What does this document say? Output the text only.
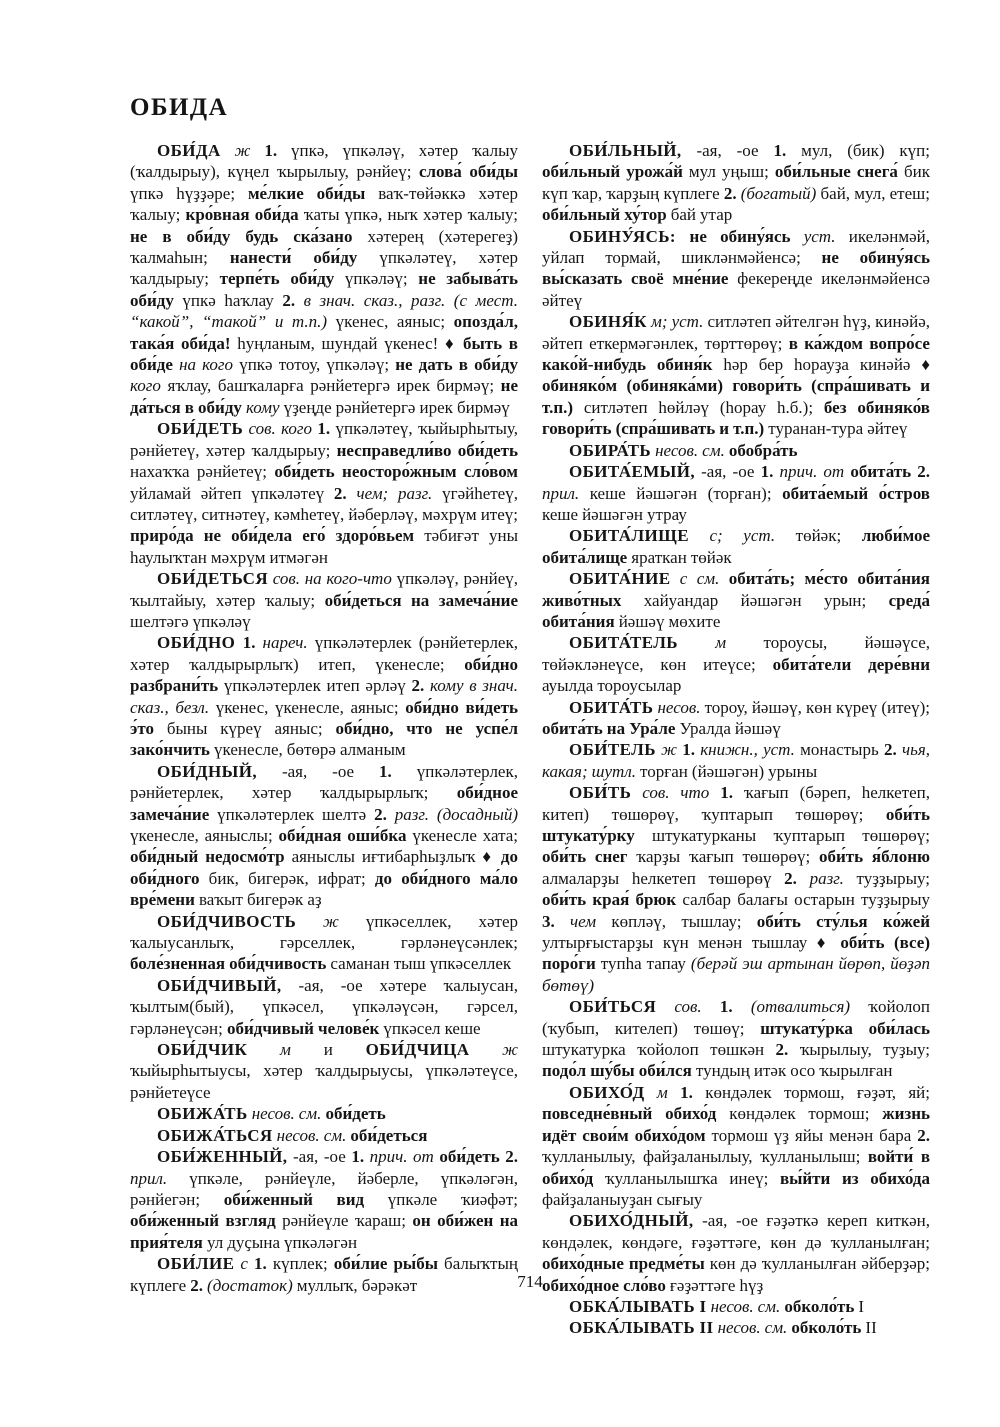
ОБИДА

ОБИ́ДА ж 1. үпкә, үпкәләү, хәтер ҡалыу (ҡалдырыу), күңел ҡырылыу, рәнйеү; слова́ оби́ды үпкә һүҙҙәре; ме́лкие оби́ды ваҡ-төйәккә хәтер ҡалыу; кро́вная оби́да ҡаты үпкә, ныҡ хәтер ҡалыу; не в оби́ду будь ска́зано хәтерең (хәтерегеҙ) ҡалмаһын; нанести́ оби́ду үпкәләтеү, хәтер ҡалдырыу; терпе́ть оби́ду үпкәләү; не забыва́ть оби́ду үпкә һаҡлау 2. в знач. сказ., разг. (с мест. “какой”, “такой” и т.п.) үкенес, аяныс; опозда́л, така́я оби́да! һуңланым, шундай үкенес! ♦ быть в оби́де на кого үпкә тотоу, үпкәләү; не дать в оби́ду кого яҡлау, башҡаларға рәнйетергә ирек бирмәү; не да́ться в оби́ду кому үҙеңде рәнйетергә ирек бирмәү

ОБИ́ДЕТЬ сов. кого 1. үпкәләтеү, ҡыйырһытыу, рәнйетеү, хәтер ҡалдырыу; несправедли́во оби́деть нахаҡҡа рәнйетеү; оби́деть неосторо́жным сло́вом уйламай әйтеп үпкәләтеү 2. чем; разг. үгәйһетеү, ситләтеү, ситнәтеү, кәмһетеү, йәберләү, мәхрүм итеү; приро́да не оби́дела его́ здоро́вьем тәбиғәт уны һаулыҡтан мәхрүм итмәгән

ОБИ́ДЕТЬСЯ сов. на кого-что үпкәләү, рәнйеү, ҡылтайыу, хәтер ҡалыу; оби́деться на замеча́ние шелтәгә үпкәләү

ОБИ́ДНО 1. нареч. үпкәләтерлек (рәнйетерлек, хәтер ҡалдырырлыҡ) итеп, үкенесле; оби́дно разбрани́ть үпкәләтерлек итеп әрләү 2. кому в знач. сказ., безл. үкенес, үкенесле, аяныс; оби́дно ви́деть э́то быны күреү аяныс; оби́дно, что не успе́л зако́нчить үкенесле, бөтөрә алманым

ОБИ́ДНЫЙ, -ая, -ое 1. үпкәләтерлек, рәнйетерлек, хәтер ҡалдырырлыҡ; оби́дное замеча́ние үпкәләтерлек шелтә 2. разг. (досадный) үкенесле, аяныслы; оби́дная оши́бка үкенесле хата; оби́дный недосмо́тр аяныслы иғтибарһыҙлыҡ ♦ до оби́дного бик, бигерәк, ифрат; до оби́дного ма́ло вре́мени ваҡыт бигерәк аҙ

ОБИ́ДЧИВОСТЬ ж үпкәселлек, хәтер ҡалыусанлыҡ, гәрселлек, гәрләнеүсәнлек; боле́зненная оби́дчивость саманан тыш үпкәселлек

ОБИ́ДЧИВЫЙ, -ая, -ое хәтере ҡалыусан, ҡылтым(бый), үпкәсел, үпкәләүсән, гәрсел, гәрләнеүсән; оби́дчивый челове́к үпкәсел кеше

ОБИ́ДЧИК м и ОБИ́ДЧИЦА ж ҡыйырһытыусы, хәтер ҡалдырыусы, үпкәләтеүсе, рәнйетеүсе

ОБИЖА́ТЬ несов. см. оби́деть

ОБИЖА́ТЬСЯ несов. см. оби́деться

ОБИ́ЖЕННЫЙ, -ая, -ое 1. прич. от оби́деть 2. прил. үпкәле, рәнйеүле, йәберле, үпкәләгән, рәнйегән; оби́женный вид үпкәле ҡиәфәт; оби́женный взгляд рәнйеүле ҡараш; он оби́жен на прия́теля ул дуҫына үпкәләгән

ОБИ́ЛИЕ с 1. күплек; оби́лие ры́бы балыҡтың күплеге 2. (достаток) муллыҡ, бәрәкәт

ОБИ́ЛЬНЫЙ, -ая, -ое 1. мул, (бик) күп; оби́льный урожа́й мул уңыш; оби́льные снега́ бик күп ҡар, ҡарҙың күплеге 2. (богатый) бай, мул, етеш; оби́льный ху́тор бай утар

ОБИНУ́ЯСЬ: не обину́ясь уст. икеләнмәй, уйлап тормай, шикләнмәйенсә; не обину́ясь вы́сказать своё мне́ние фекереңде икеләнмәйенсә әйтеү

ОБИНЯ́К м; уст. ситләтеп әйтелгән һүҙ, кинәйә, әйтеп еткермәгәнлек, төрттөрөү; в ка́ждом вопро́се како́й-нибудь обиня́к һәр бер һорауҙа кинәйә ♦ обиняко́м (обиняка́ми) говори́ть (спра́шивать и т.п.) ситләтеп һөйләү (һорау һ.б.); без обиняко́в говори́ть (спра́шивать и т.п.) туранан-тура әйтеү

ОБИРА́ТЬ несов. см. обобра́ть

ОБИТА́ЕМЫЙ, -ая, -ое 1. прич. от обита́ть 2. прил. кеше йәшәгән (торған); обита́емый о́стров кеше йәшәгән утрау

ОБИТА́ЛИЩЕ с; уст. төйәк; люби́мое обита́лище яраткан төйәк

ОБИТА́НИЕ с см. обита́ть; ме́сто обита́ния живо́тных хайуандар йәшәгән урын; среда́ обита́ния йәшәү мөхите

ОБИТА́ТЕЛЬ м тороусы, йәшәүсе, төйәкләнеүсе, көн итеүсе; обита́тели дере́вни ауылда тороусылар

ОБИТА́ТЬ несов. тороу, йәшәү, көн күреү (итеү); обита́ть на Ура́ле Уралда йәшәү

ОБИ́ТЕЛЬ ж 1. книжн., уст. монастырь 2. чья, какая; шутл. торған (йәшәгән) урыны

ОБИ́ТЬ сов. что 1. ҡағып (бәреп, һелкетеп, китеп) төшөрөү, ҡуптарып төшөрөү; оби́ть штукату́рку штукатурканы ҡуптарып төшөрөү; оби́ть снег ҡарҙы ҡағып төшөрөү; оби́ть я́блоню алмаларҙы һелкетеп төшөрөү 2. разг. туҙҙырыу; оби́ть края́ брюк салбар балағы остарын туҙҙырыу 3. чем көпләү, тышлау; оби́ть сту́лья ко́жей ултырғыстарҙы күн менән тышлау ♦ оби́ть (все) поро́ги тупһа тапау (берәй эш артынан йөрөп, йөҙәп бөтөү)

ОБИ́ТЬСЯ сов. 1. (отвалиться) ҡойолоп (ҡубып, кителеп) төшөү; штукату́рка оби́лась штукатурка ҡойолоп төшкән 2. ҡырылыу, туҙыу; подо́л шу́бы оби́лся тундың итәк осо ҡырылған

ОБИХО́Д м 1. көндәлек тормош, ғәҙәт, яй; повседне́вный обихо́д көндәлек тормош; жизнь идёт свои́м обихо́дом тормош үҙ яйы менән бара 2. ҡулланылыу, файҙаланылыу, ҡулланылыш; войти́ в обихо́д ҡулланылышҡа инеү; вы́йти из обихо́да файҙаланыуҙан сығыу

ОБИХО́ДНЫЙ, -ая, -ое ғәҙәткә кереп киткән, көндәлек, көндәге, ғәҙәттәге, көн дә ҡулланылған; обихо́дные предме́ты көн дә ҡулланылған әйберҙәр; обихо́дное сло́во ғәҙәттәге һүҙ

ОБКА́ЛЫВАТЬ I несов. см. обколо́ть I

ОБКА́ЛЫВАТЬ II несов. см. обколо́ть II

714
